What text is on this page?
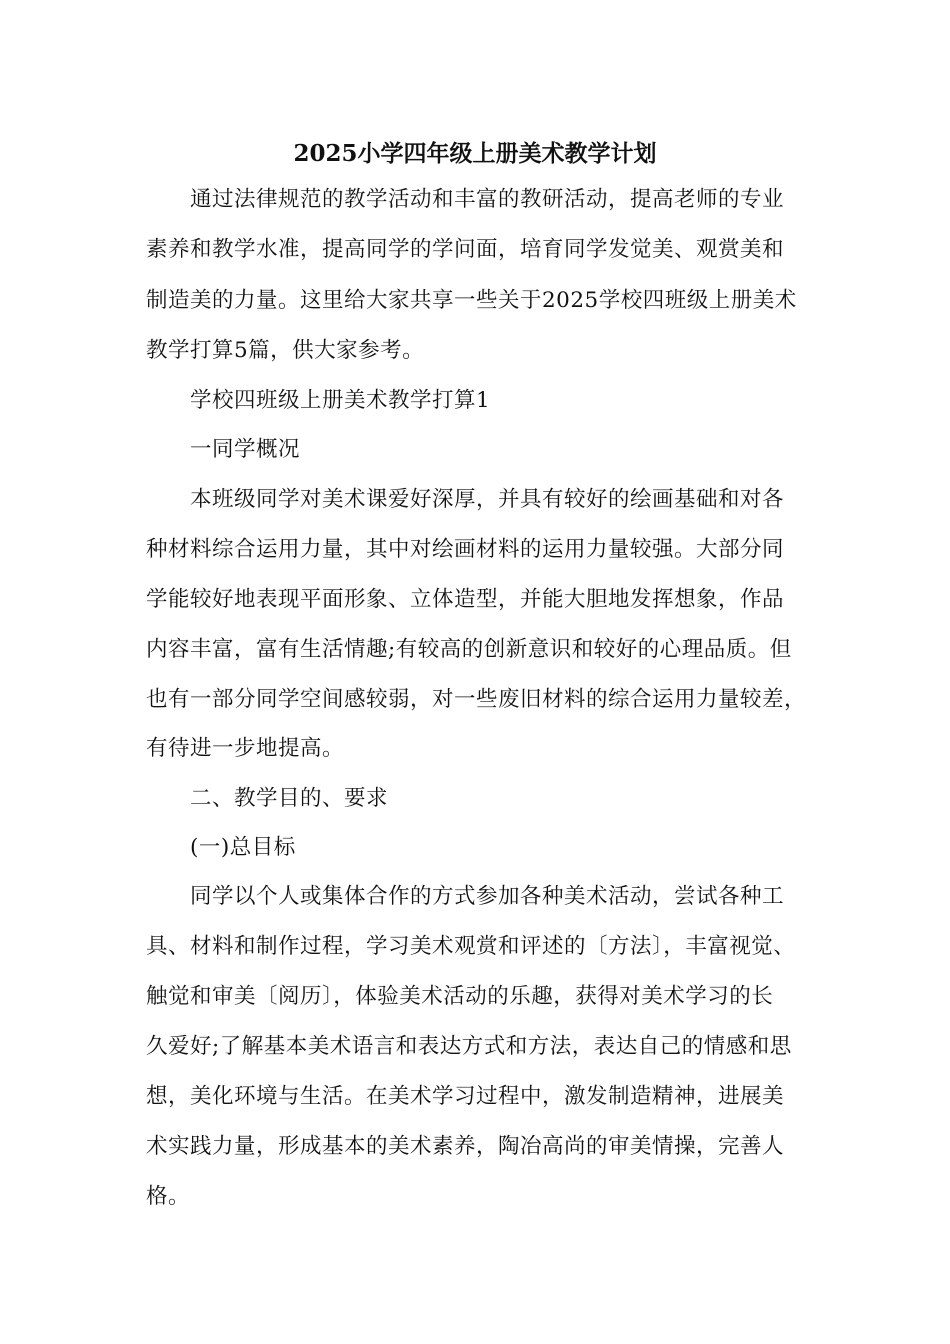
2025小学四年级上册美术教学计划
通过法律规范的教学活动和丰富的教研活动，提高老师的专业
素养和教学水准，提高同学的学问面，培育同学发觉美、观赏美和
制造美的力量。这里给大家共享一些关于2025学校四班级上册美术
教学打算5篇，供大家参考。
学校四班级上册美术教学打算1
一同学概况
本班级同学对美术课爱好深厚，并具有较好的绘画基础和对各
种材料综合运用力量，其中对绘画材料的运用力量较强。大部分同
学能较好地表现平面形象、立体造型，并能大胆地发挥想象，作品
内容丰富，富有生活情趣;有较高的创新意识和较好的心理品质。但
也有一部分同学空间感较弱，对一些废旧材料的综合运用力量较差，
有待进一步地提高。
二、教学目的、要求
(一)总目标
同学以个人或集体合作的方式参加各种美术活动，尝试各种工
具、材料和制作过程，学习美术观赏和评述的〔方法〕，丰富视觉、
触觉和审美〔阅历〕，体验美术活动的乐趣，获得对美术学习的长
久爱好;了解基本美术语言和表达方式和方法，表达自己的情感和思
想，美化环境与生活。在美术学习过程中，激发制造精神，进展美
术实践力量，形成基本的美术素养，陶冶高尚的审美情操，完善人
格。
